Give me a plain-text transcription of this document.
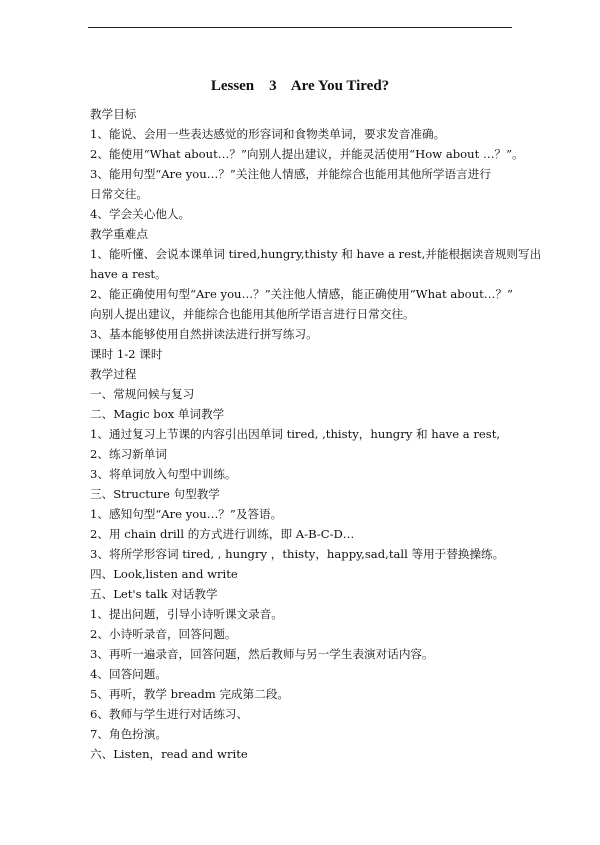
Lessen    3    Are You Tired?
教学目标
1、能说、会用一些表达感觉的形容词和食物类单词，要求发音准确。
2、能使用“What about…？”向别人提出建议，并能灵活使用“How about …？”。
3、能用句型“Are you…？”关注他人情感，并能综合也能用其他所学语言进行
日常交往。
4、学会关心他人。
教学重难点
1、能听懂、会说本课单词 tired,hungry,thisty 和 have a rest,并能根据读音规则写出
have a rest。
2、能正确使用句型“Are you…？”关注他人情感，能正确使用“What about…？”
向别人提出建议，并能综合也能用其他所学语言进行日常交往。
3、基本能够使用自然拼读法进行拼写练习。
课时 1-2 课时
教学过程
一、常规问候与复习
二、Magic box 单词教学
1、通过复习上节课的内容引出因单词 tired, ,thisty，hungry 和 have a rest,
2、练习新单词
3、将单词放入句型中训练。
三、Structure 句型教学
1、感知句型“Are you…？”及答语。
2、用 chain drill 的方式进行训练，即 A-B-C-D…
3、将所学形容词 tired, , hungry ，thisty，happy,sad,tall 等用于替换操练。
四、Look,listen and write
五、Let's talk 对话教学
1、提出问题，引导小诗听课文录音。
2、小诗听录音，回答问题。
3、再听一遍录音，回答问题，然后教师与另一学生表演对话内容。
4、回答问题。
5、再听，教学 breadm 完成第二段。
6、教师与学生进行对话练习、
7、角色扮演。
六、Listen，read and write
